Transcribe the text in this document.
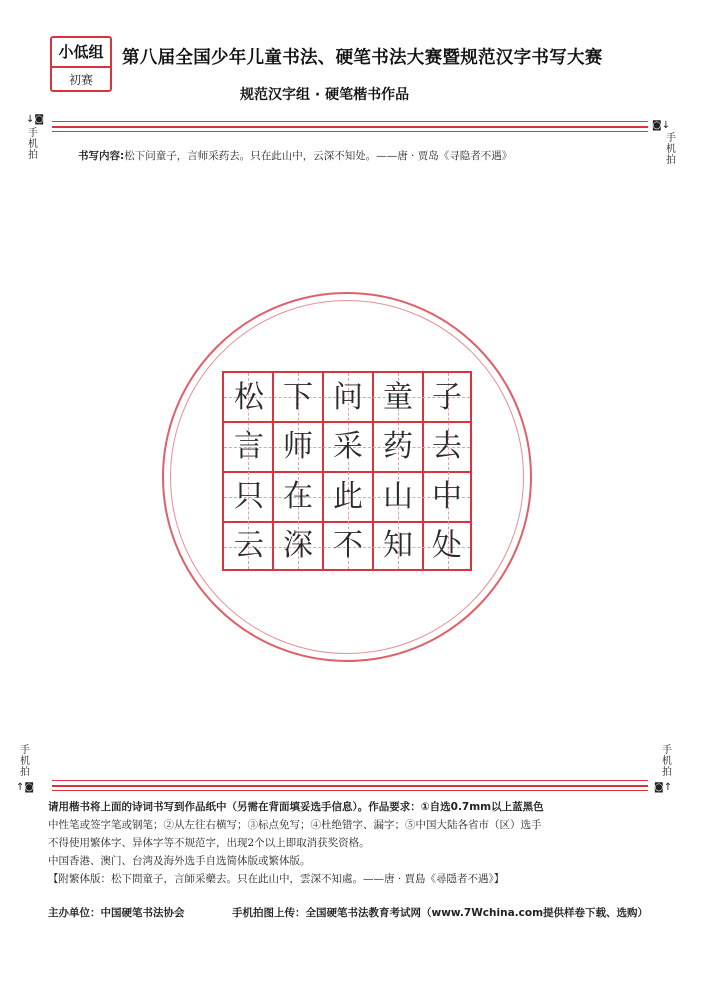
小低组
初赛
第八届全国少年儿童书法、硬笔书法大赛暨规范汉字书写大赛
规范汉字组 · 硬笔楷书作品
↓◙
手
机
拍
◙↓
手
机
拍
书写内容:松下问童子，言师采药去。只在此山中，云深不知处。——唐 · 贾岛《寻隐者不遇》
松 下 问 童 子
言 师 采 药 去
只 在 此 山 中
云 深 不 知 处
手
机
拍
↑◙
手
机
拍
◙↑
请用楷书将上面的诗词书写到作品纸中（另需在背面填妥选手信息）。作品要求：①自选0.7mm以上蓝黑色
中性笔或签字笔或钢笔；②从左往右横写；③标点免写；④杜绝错字、漏字；⑤中国大陆各省市（区）选手
不得使用繁体字、异体字等不规范字，出现2个以上即取消获奖资格。
中国香港、澳门、台湾及海外选手自选简体版或繁体版。
【附繁体版：松下問童子，言師采藥去。只在此山中，雲深不知處。——唐 · 賈島《尋隱者不遇》】
主办单位：中国硬笔书法协会	手机拍图上传：全国硬笔书法教育考试网（www.7Wchina.com提供样卷下载、选购）
